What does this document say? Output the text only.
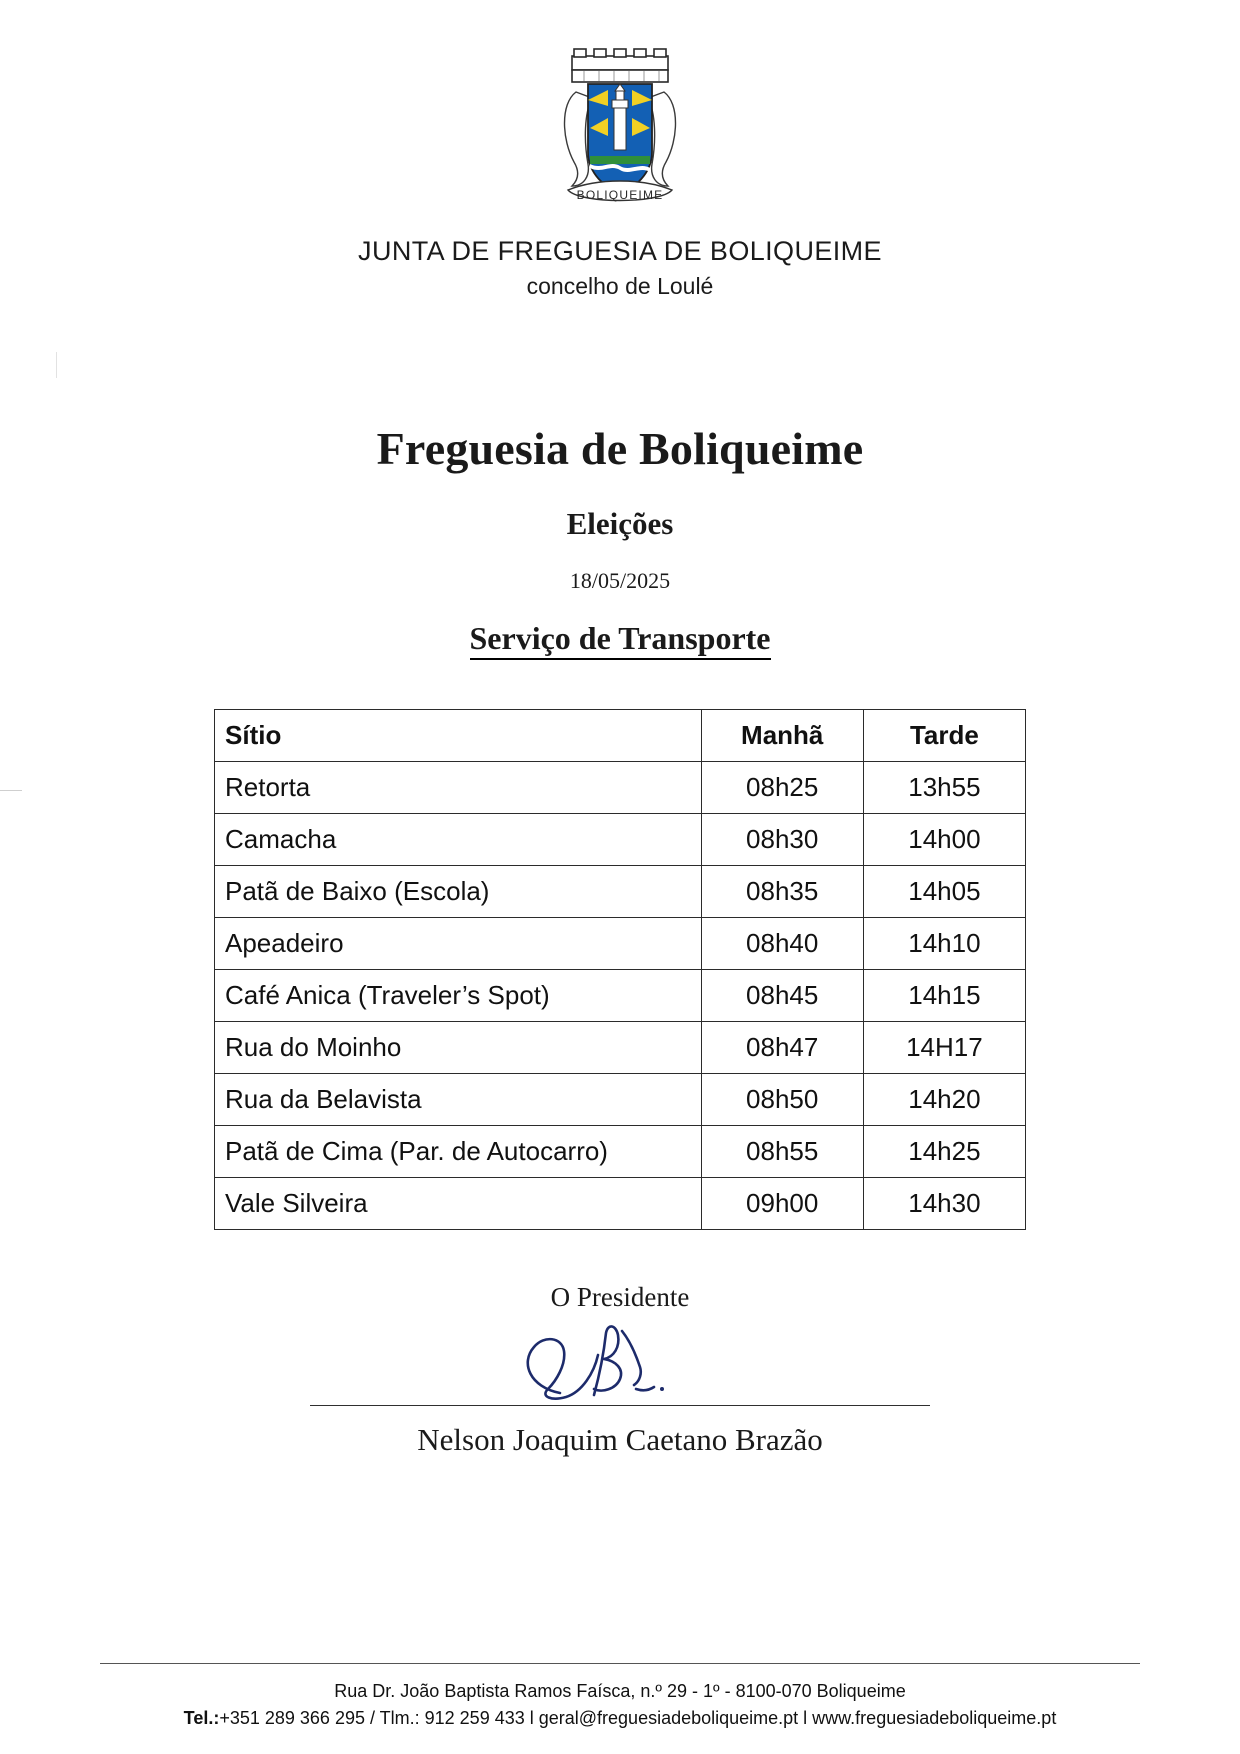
BOLIQUEIME
JUNTA DE FREGUESIA DE BOLIQUEIME
concelho de Loulé
Freguesia de Boliqueime
Eleições
18/05/2025
Serviço de Transporte
Sítio	Manhã	Tarde
Retorta	08h25	13h55
Camacha	08h30	14h00
Patã de Baixo (Escola)	08h35	14h05
Apeadeiro	08h40	14h10
Café Anica (Traveler’s Spot)	08h45	14h15
Rua do Moinho	08h47	14H17
Rua da Belavista	08h50	14h20
Patã de Cima (Par. de Autocarro)	08h55	14h25
Vale Silveira	09h00	14h30
O Presidente
Nelson Joaquim Caetano Brazão
Rua Dr. João Baptista Ramos Faísca, n.º 29 - 1º - 8100-070 Boliqueime
Tel.:+351 289 366 295 / Tlm.: 912 259 433 l geral@freguesiadeboliqueime.pt l www.freguesiadeboliqueime.pt
